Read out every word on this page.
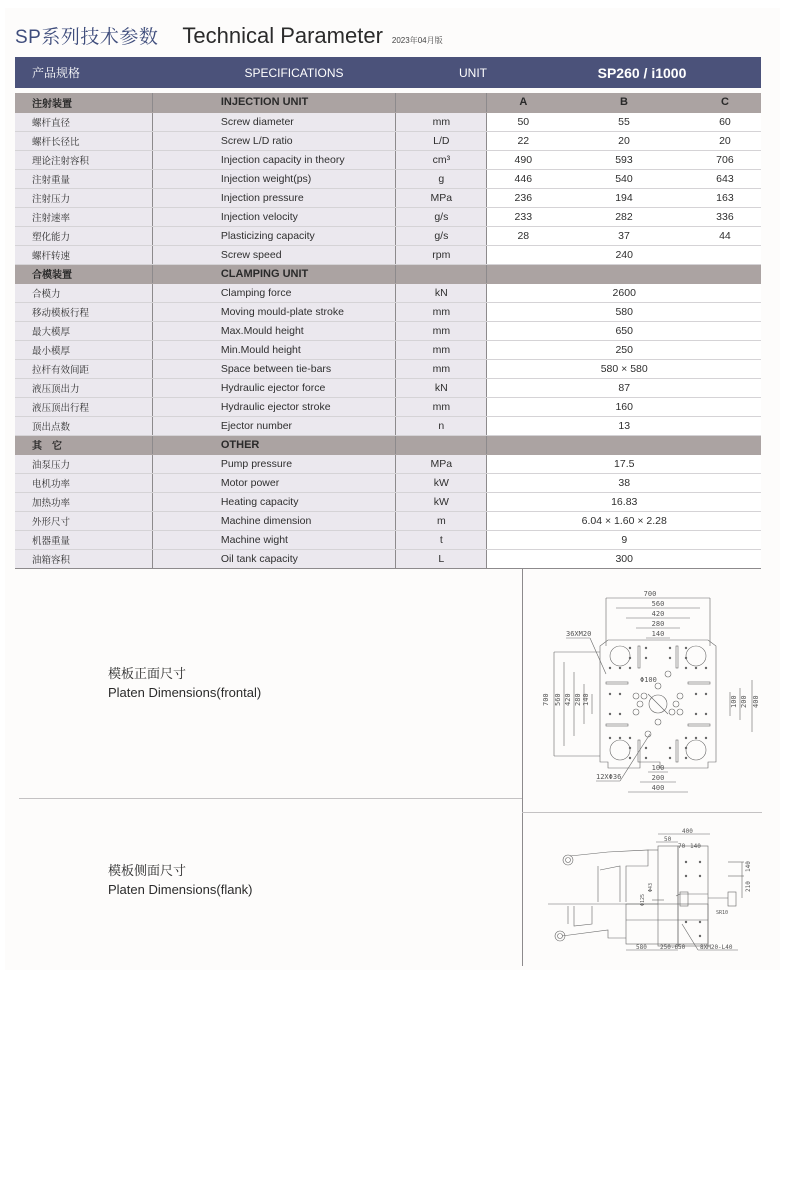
SP系列技术参数 Technical Parameter 2023年04月版
产品规格	SPECIFICATIONS	UNIT	SP260 / i1000
注射装置	INJECTION UNIT		A	B	C
螺杆直径	Screw diameter	mm	50	55	60
螺杆长径比	Screw L/D ratio	L/D	22	20	20
理论注射容积	Injection capacity in theory	cm³	490	593	706
注射重量	Injection weight(ps)	g	446	540	643
注射压力	Injection pressure	MPa	236	194	163
注射速率	Injection velocity	g/s	233	282	336
塑化能力	Plasticizing capacity	g/s	28	37	44
螺杆转速	Screw speed	rpm	240		
合模装置	CLAMPING UNIT				
合模力	Clamping force	kN	2600		
移动模板行程	Moving mould-plate stroke	mm	580		
最大模厚	Max.Mould height	mm	650		
最小模厚	Min.Mould height	mm	250		
拉杆有效间距	Space between tie-bars	mm	580 × 580		
液压顶出力	Hydraulic ejector force	kN	87		
液压顶出行程	Hydraulic ejector stroke	mm	160		
顶出点数	Ejector number	n	13		
其　它	OTHER				
油泵压力	Pump pressure	MPa	17.5		
电机功率	Motor power	kW	38		
加热功率	Heating capacity	kW	16.83		
外形尺寸	Machine dimension	m	6.04 × 1.60 × 2.28		
机器重量	Machine wight	t	9		
油箱容积	Oil tank capacity	L	300		
模板正面尺寸
Platen Dimensions(frontal)
模板侧面尺寸
Platen Dimensions(flank)
700
560
420
280
140
700 560 420 280 140	100 200 400
100
200
400
36XM20
12XΦ36
Φ100
400
50
70 140
140
210
SR10
Φ43
Φ125
580 250-650 8XM20-L40
